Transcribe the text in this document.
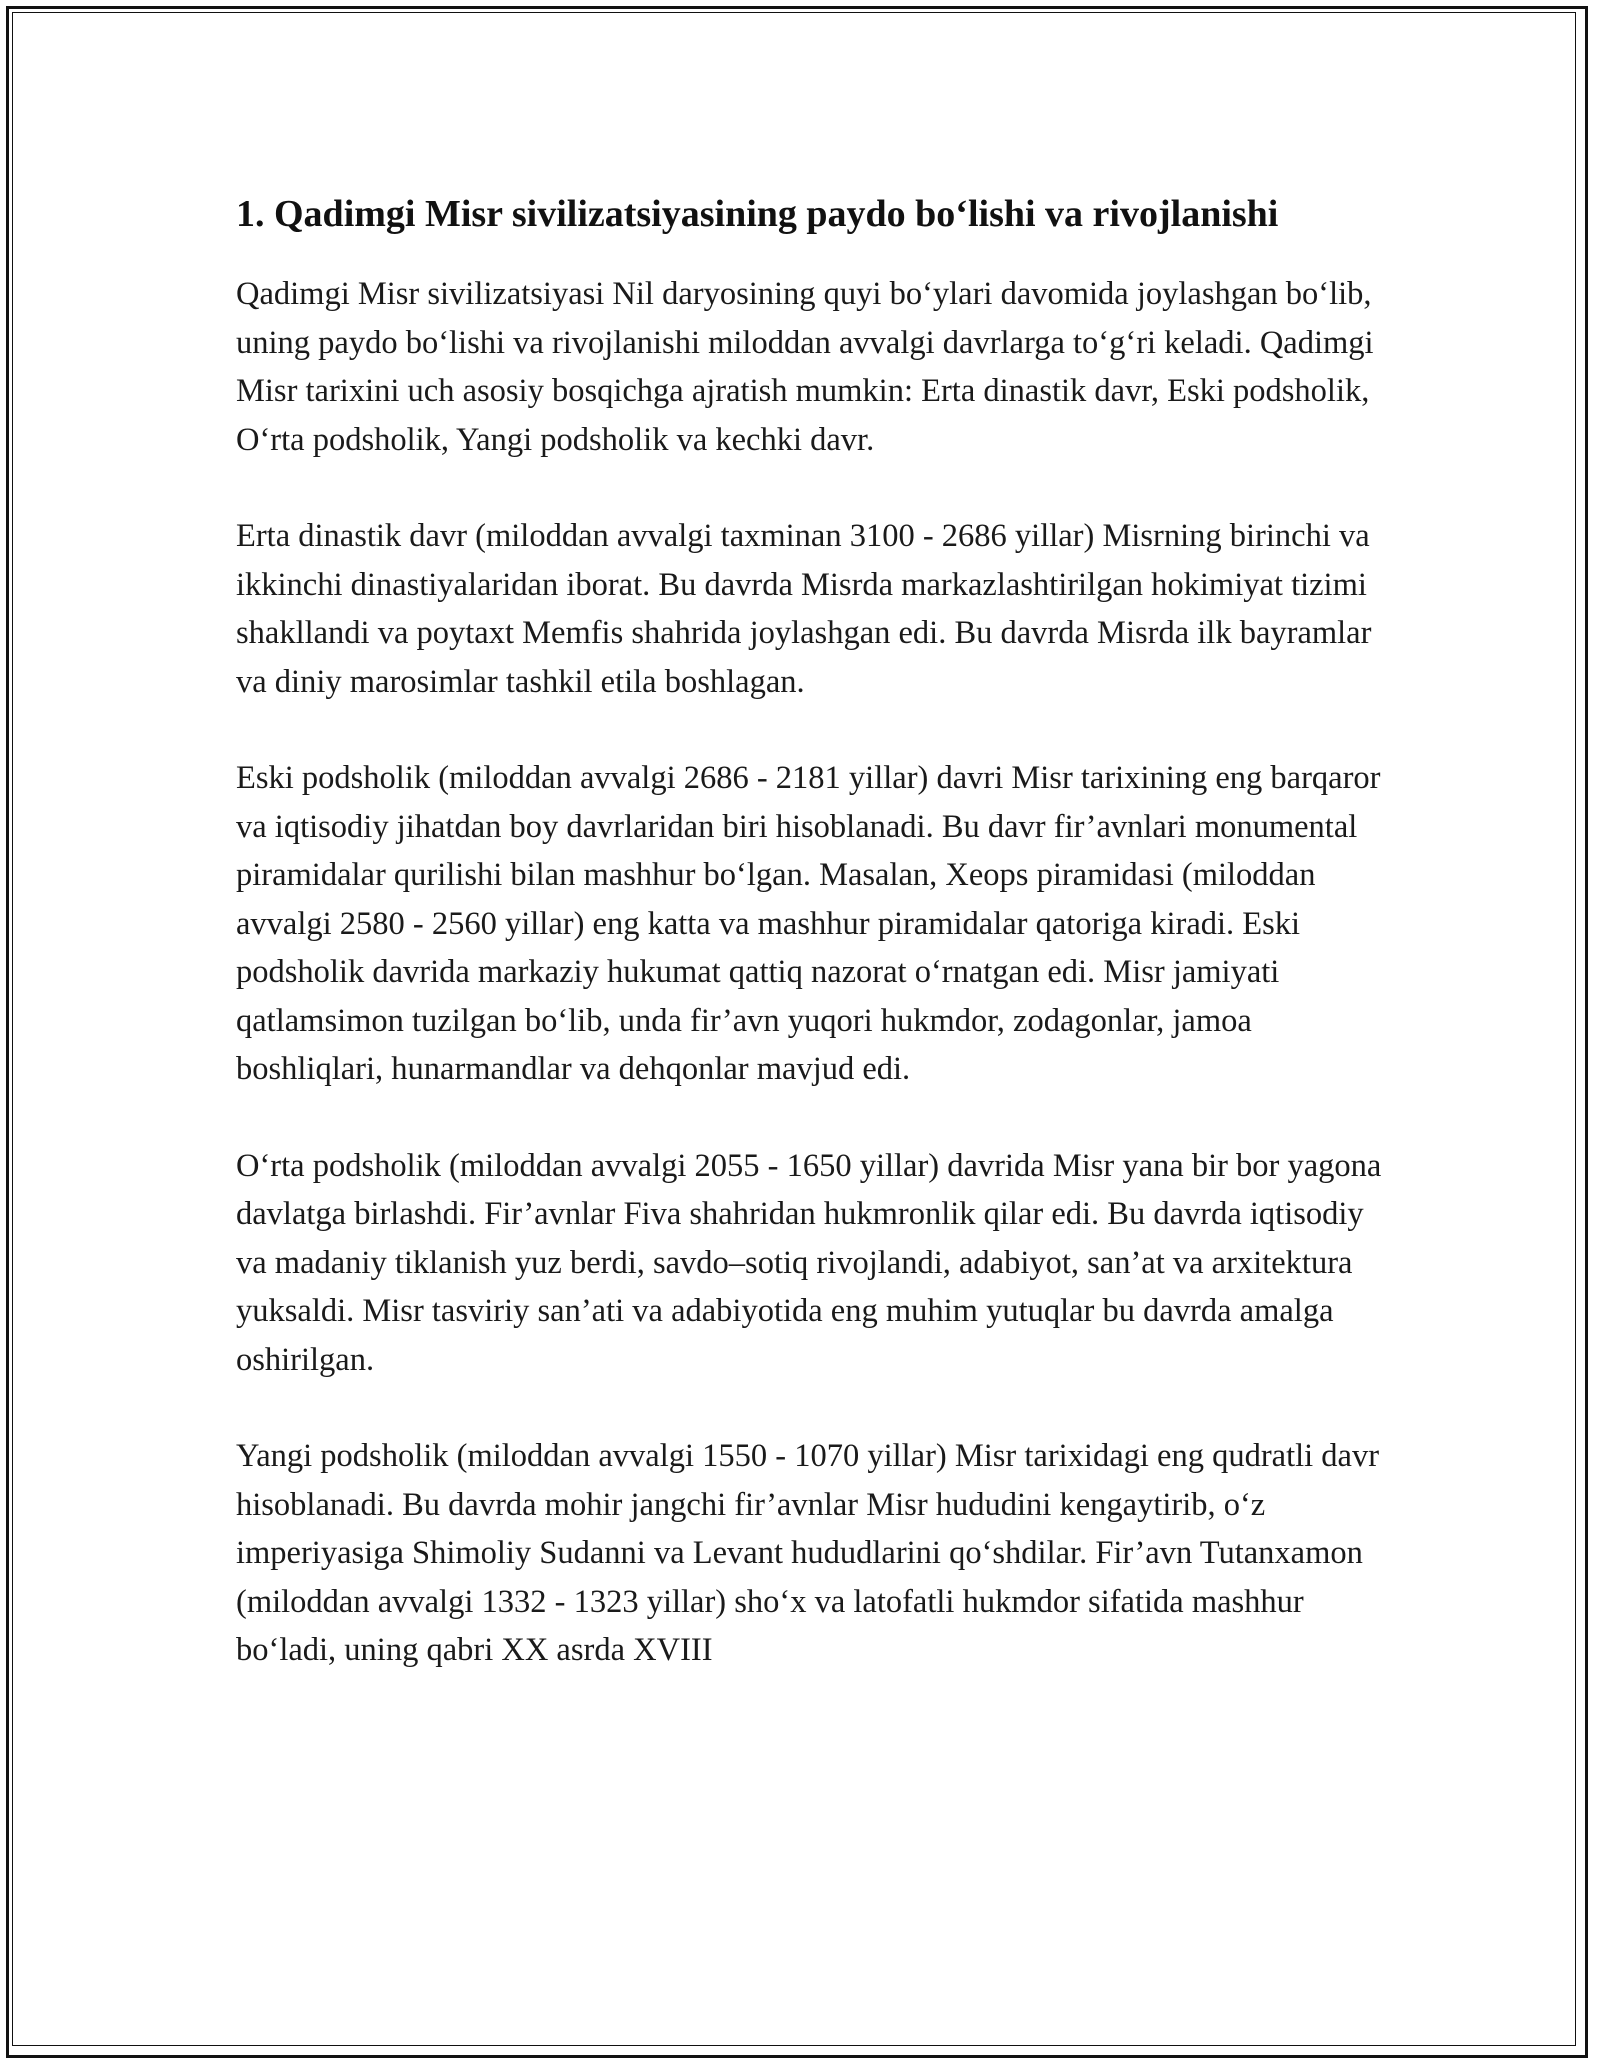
1. Qadimgi Misr sivilizatsiyasining paydo bo‘lishi va rivojlanishi

Qadimgi Misr sivilizatsiyasi Nil daryosining quyi bo‘ylari davomida joylashgan bo‘lib, uning paydo bo‘lishi va rivojlanishi miloddan avvalgi davrlarga to‘g‘ri keladi. Qadimgi Misr tarixini uch asosiy bosqichga ajratish mumkin: Erta dinastik davr, Eski podsholik, O‘rta podsholik, Yangi podsholik va kechki davr.

Erta dinastik davr (miloddan avvalgi taxminan 3100 - 2686 yillar) Misrning birinchi va ikkinchi dinastiyalaridan iborat. Bu davrda Misrda markazlashtirilgan hokimiyat tizimi shakllandi va poytaxt Memfis shahrida joylashgan edi. Bu davrda Misrda ilk bayramlar va diniy marosimlar tashkil etila boshlagan.

Eski podsholik (miloddan avvalgi 2686 - 2181 yillar) davri Misr tarixining eng barqaror va iqtisodiy jihatdan boy davrlaridan biri hisoblanadi. Bu davr fir’avnlari monumental piramidalar qurilishi bilan mashhur bo‘lgan. Masalan, Xeops piramidasi (miloddan avvalgi 2580 - 2560 yillar) eng katta va mashhur piramidalar qatoriga kiradi. Eski podsholik davrida markaziy hukumat qattiq nazorat o‘rnatgan edi. Misr jamiyati qatlamsimon tuzilgan bo‘lib, unda fir’avn yuqori hukmdor, zodagonlar, jamoa boshliqlari, hunarmandlar va dehqonlar mavjud edi.

O‘rta podsholik (miloddan avvalgi 2055 - 1650 yillar) davrida Misr yana bir bor yagona davlatga birlashdi. Fir’avnlar Fiva shahridan hukmronlik qilar edi. Bu davrda iqtisodiy va madaniy tiklanish yuz berdi, savdo–sotiq rivojlandi, adabiyot, san’at va arxitektura yuksaldi. Misr tasviriy san’ati va adabiyotida eng muhim yutuqlar bu davrda amalga oshirilgan.

Yangi podsholik (miloddan avvalgi 1550 - 1070 yillar) Misr tarixidagi eng qudratli davr hisoblanadi. Bu davrda mohir jangchi fir’avnlar Misr hududini kengaytirib, o‘z imperiyasiga Shimoliy Sudanni va Levant hududlarini qo‘shdilar. Fir’avn Tutanxamon (miloddan avvalgi 1332 - 1323 yillar) sho‘x va latofatli hukmdor sifatida mashhur bo‘ladi, uning qabri XX asrda XVIII
